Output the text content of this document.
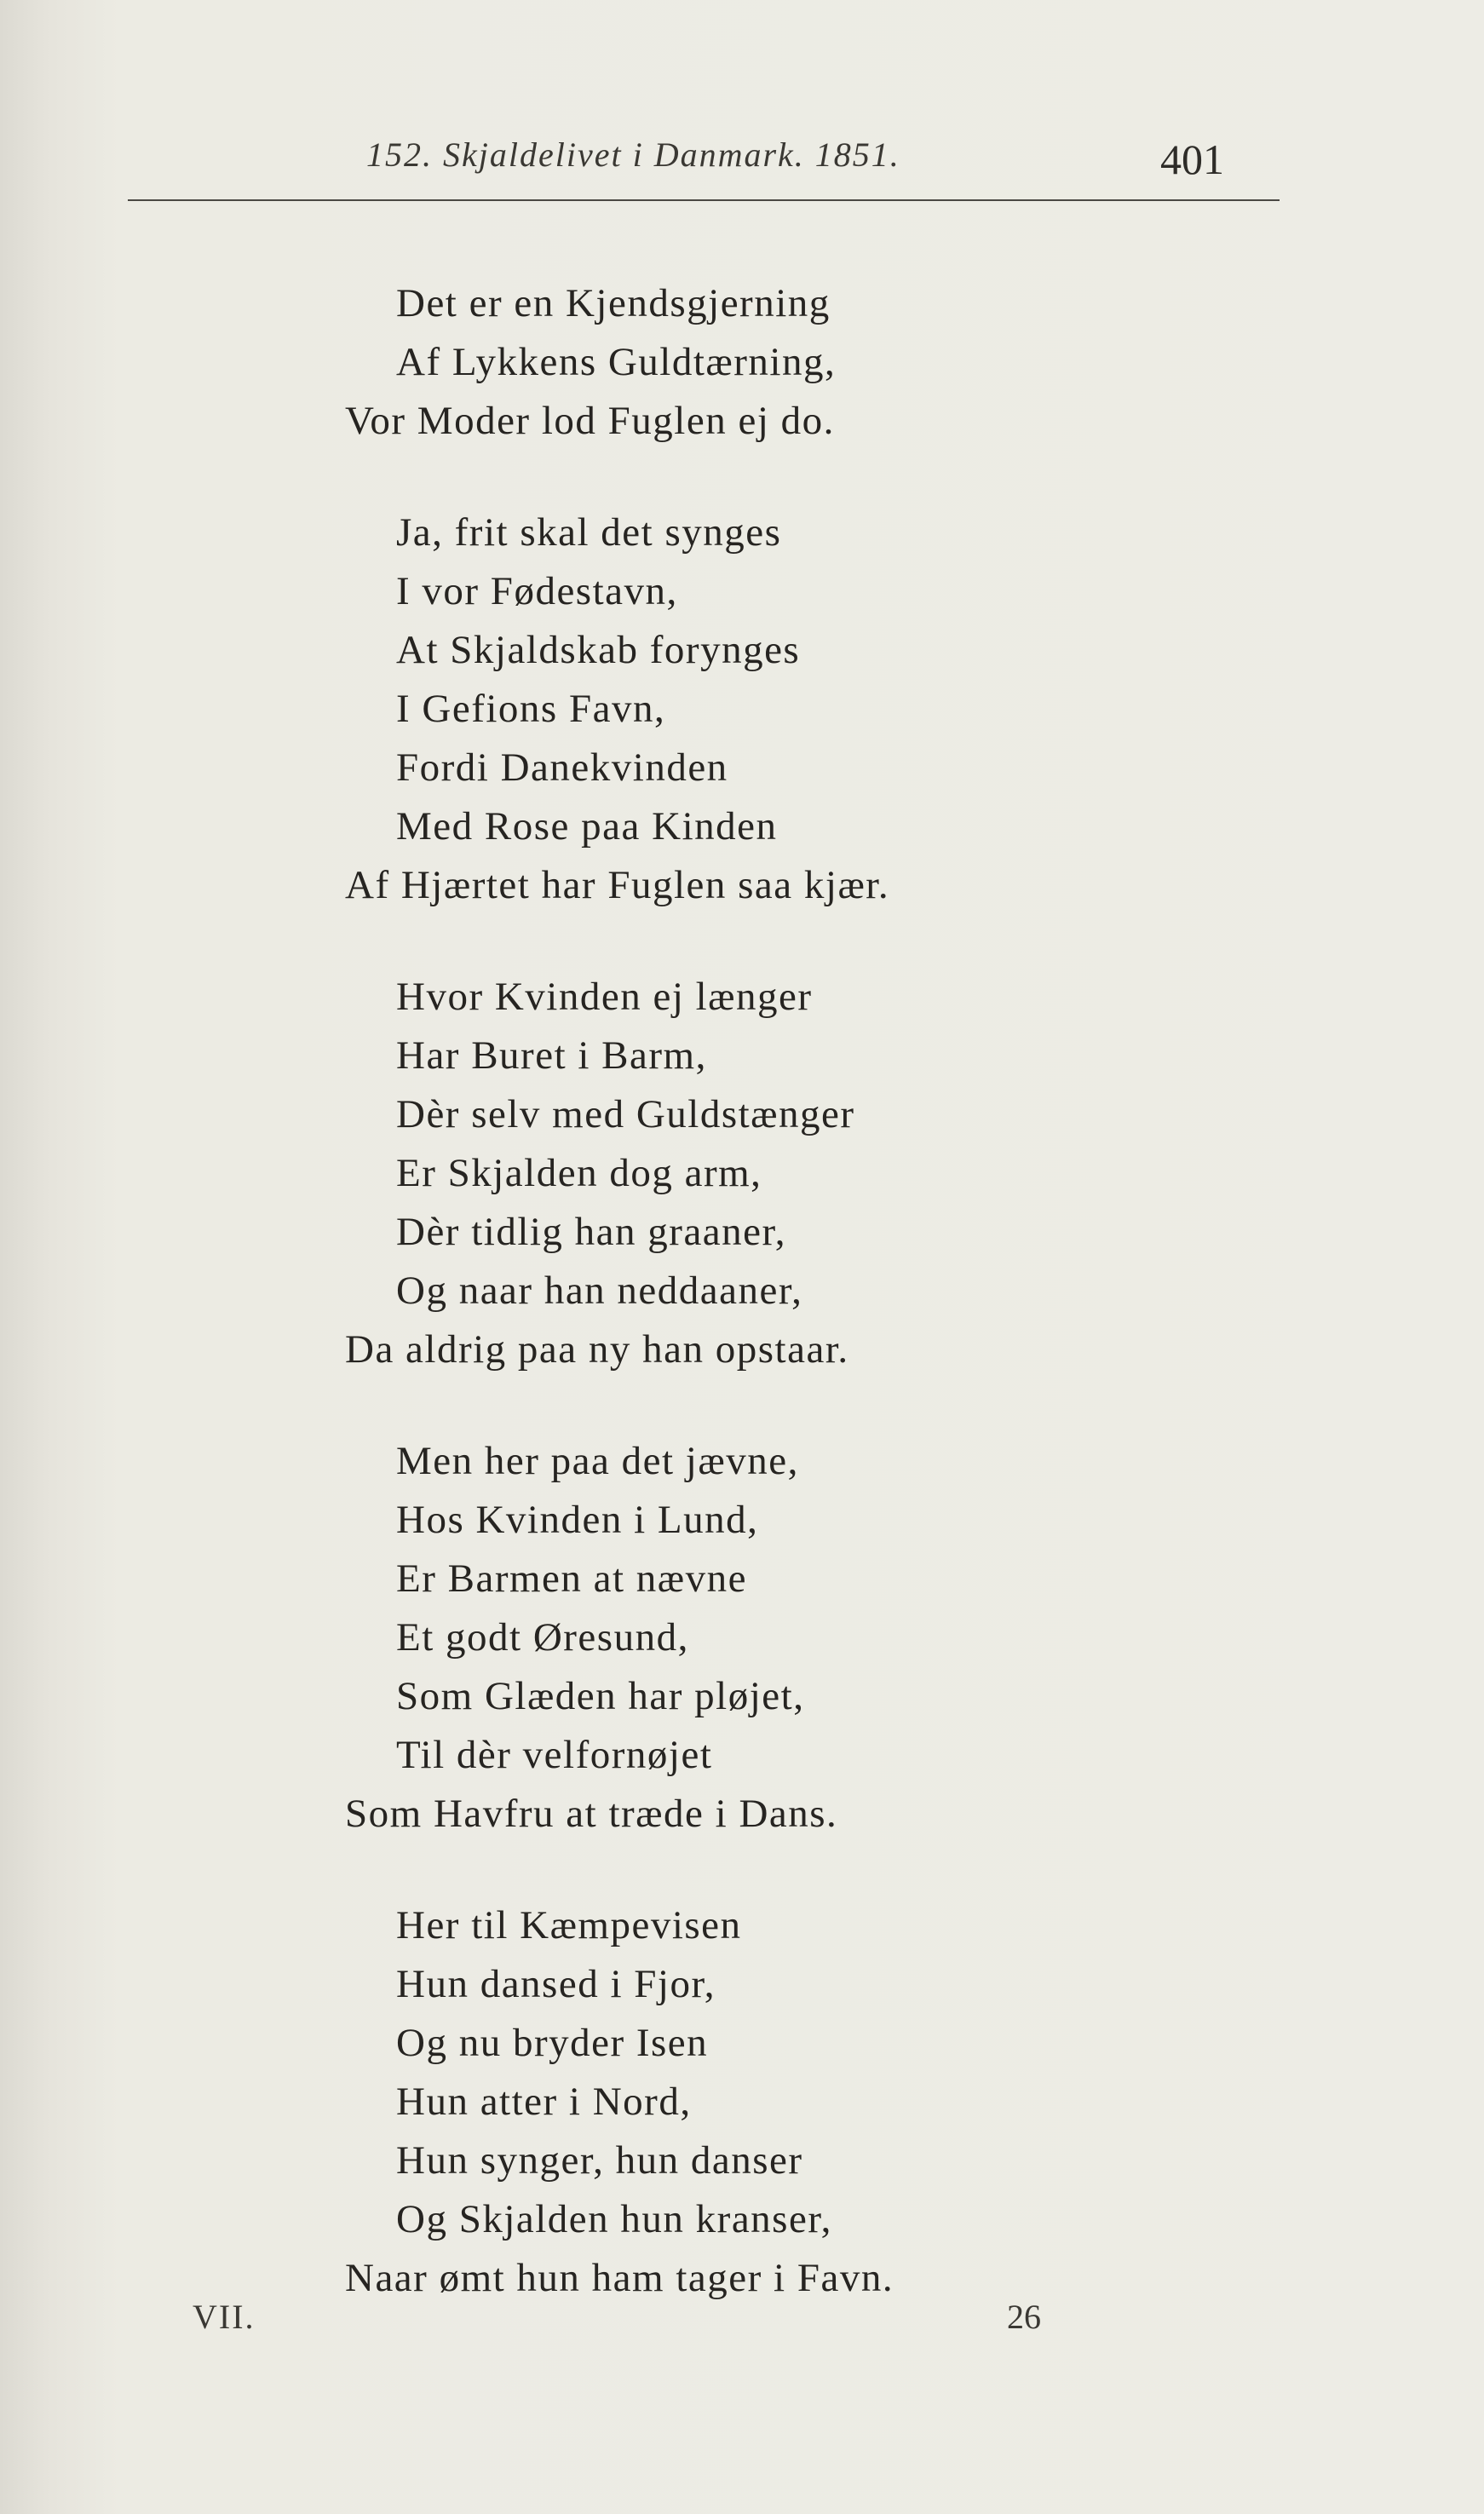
152. Skjaldelivet i Danmark. 1851.	401
Det er en Kjendsgjerning
Af Lykkens Guldtærning,
Vor Moder lod Fuglen ej do.
Ja, frit skal det synges
I vor Fødestavn,
At Skjaldskab forynges
I Gefions Favn,
Fordi Danekvinden
Med Rose paa Kinden
Af Hjærtet har Fuglen saa kjær.
Hvor Kvinden ej længer
Har Buret i Barm,
Dèr selv med Guldstænger
Er Skjalden dog arm,
Dèr tidlig han graaner,
Og naar han neddaaner,
Da aldrig paa ny han opstaar.
Men her paa det jævne,
Hos Kvinden i Lund,
Er Barmen at nævne
Et godt Øresund,
Som Glæden har pløjet,
Til dèr velfornøjet
Som Havfru at træde i Dans.
Her til Kæmpevisen
Hun dansed i Fjor,
Og nu bryder Isen
Hun atter i Nord,
Hun synger, hun danser
Og Skjalden hun kranser,
Naar ømt hun ham tager i Favn.
VII.	26
